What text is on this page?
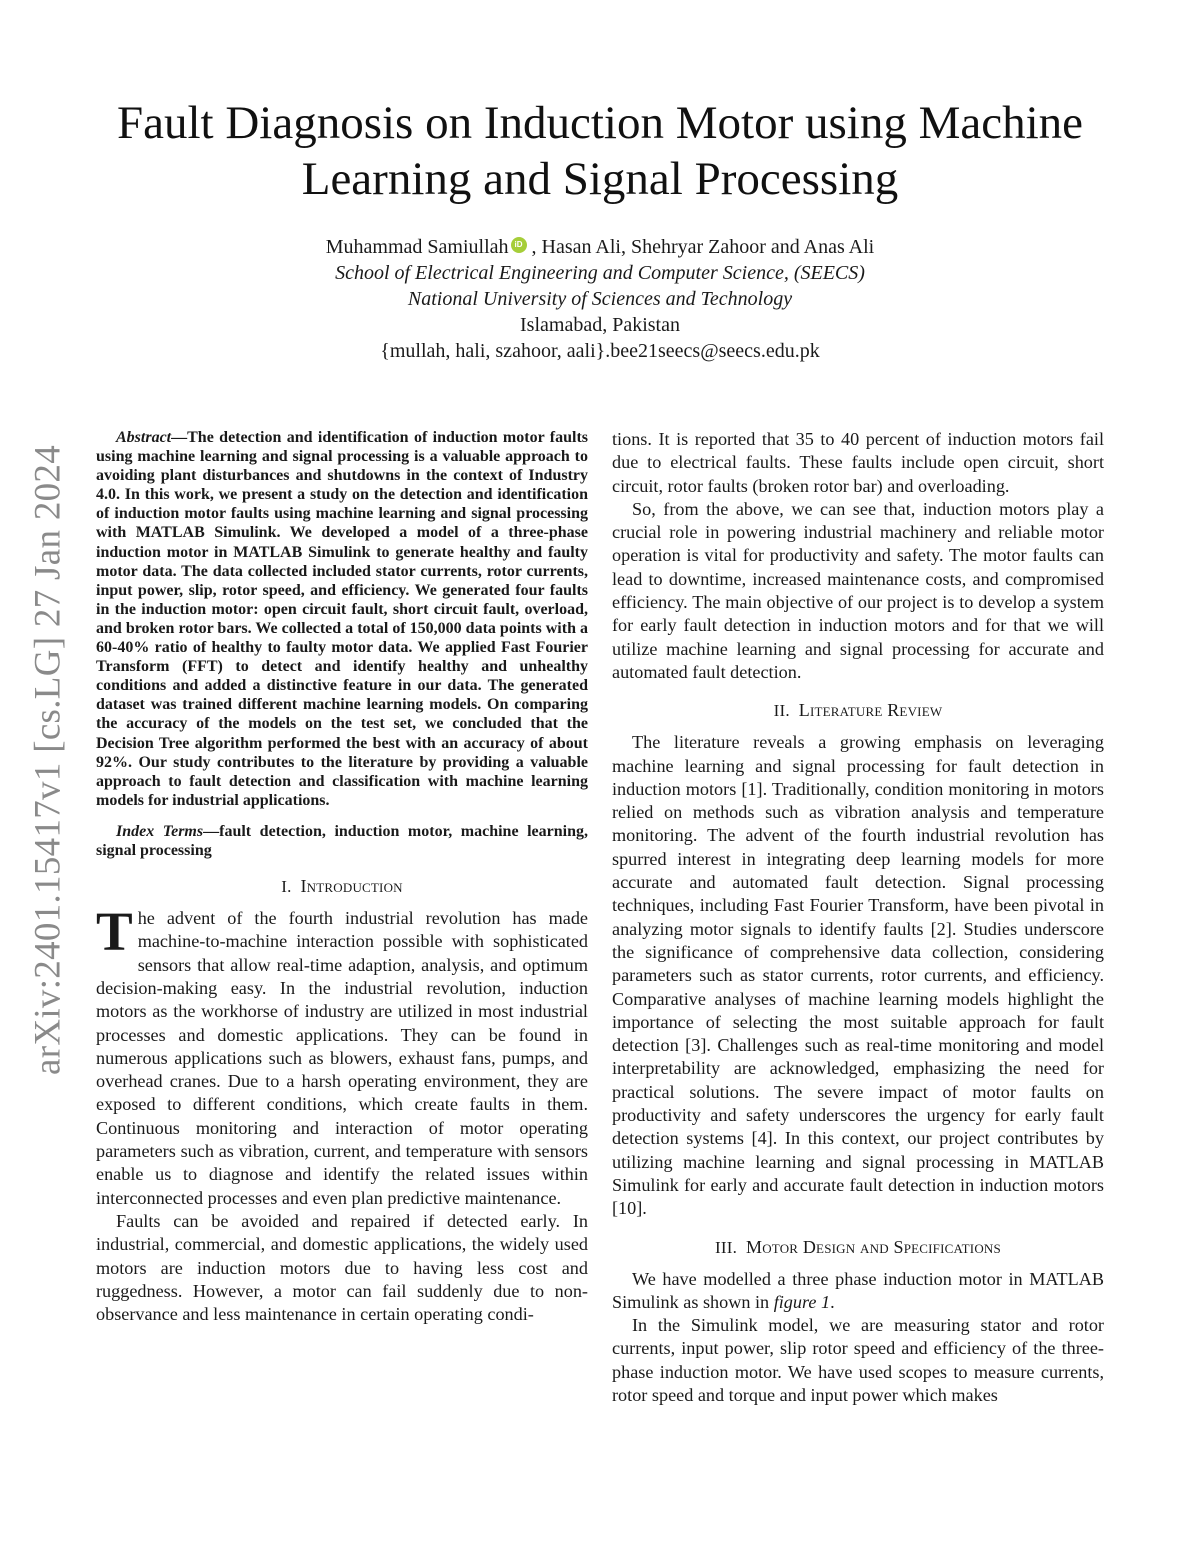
arXiv:2401.15417v1 [cs.LG] 27 Jan 2024
Fault Diagnosis on Induction Motor using Machine Learning and Signal Processing
Muhammad Samiullah iD , Hasan Ali, Shehryar Zahoor and Anas Ali
School of Electrical Engineering and Computer Science, (SEECS)
National University of Sciences and Technology
Islamabad, Pakistan
{mullah, hali, szahoor, aali}.bee21seecs@seecs.edu.pk

Abstract—The detection and identification of induction motor faults using machine learning and signal processing is a valuable approach to avoiding plant disturbances and shutdowns in the context of Industry 4.0. In this work, we present a study on the detection and identification of induction motor faults using machine learning and signal processing with MATLAB Simulink. We developed a model of a three-phase induction motor in MATLAB Simulink to generate healthy and faulty motor data. The data collected included stator currents, rotor currents, input power, slip, rotor speed, and efficiency. We generated four faults in the induction motor: open circuit fault, short circuit fault, overload, and broken rotor bars. We collected a total of 150,000 data points with a 60-40% ratio of healthy to faulty motor data. We applied Fast Fourier Transform (FFT) to detect and identify healthy and unhealthy conditions and added a distinctive feature in our data. The generated dataset was trained different machine learning models. On comparing the accuracy of the models on the test set, we concluded that the Decision Tree algorithm performed the best with an accuracy of about 92%. Our study contributes to the literature by providing a valuable approach to fault detection and classification with machine learning models for industrial applications.

Index Terms—fault detection, induction motor, machine learning, signal processing

I. Introduction

The advent of the fourth industrial revolution has made machine-to-machine interaction possible with sophisticated sensors that allow real-time adaption, analysis, and optimum decision-making easy. In the industrial revolution, induction motors as the workhorse of industry are utilized in most industrial processes and domestic applications. They can be found in numerous applications such as blowers, exhaust fans, pumps, and overhead cranes. Due to a harsh operating environment, they are exposed to different conditions, which create faults in them. Continuous monitoring and interaction of motor operating parameters such as vibration, current, and temperature with sensors enable us to diagnose and identify the related issues within interconnected processes and even plan predictive maintenance.

Faults can be avoided and repaired if detected early. In industrial, commercial, and domestic applications, the widely used motors are induction motors due to having less cost and ruggedness. However, a motor can fail suddenly due to non-observance and less maintenance in certain operating condi-

tions. It is reported that 35 to 40 percent of induction motors fail due to electrical faults. These faults include open circuit, short circuit, rotor faults (broken rotor bar) and overloading.

So, from the above, we can see that, induction motors play a crucial role in powering industrial machinery and reliable motor operation is vital for productivity and safety. The motor faults can lead to downtime, increased maintenance costs, and compromised efficiency. The main objective of our project is to develop a system for early fault detection in induction motors and for that we will utilize machine learning and signal processing for accurate and automated fault detection.

II. Literature Review

The literature reveals a growing emphasis on leveraging machine learning and signal processing for fault detection in induction motors [1]. Traditionally, condition monitoring in motors relied on methods such as vibration analysis and temperature monitoring. The advent of the fourth industrial revolution has spurred interest in integrating deep learning models for more accurate and automated fault detection. Signal processing techniques, including Fast Fourier Transform, have been pivotal in analyzing motor signals to identify faults [2]. Studies underscore the significance of comprehensive data collection, considering parameters such as stator currents, rotor currents, and efficiency. Comparative analyses of machine learning models highlight the importance of selecting the most suitable approach for fault detection [3]. Challenges such as real-time monitoring and model interpretability are acknowledged, emphasizing the need for practical solutions. The severe impact of motor faults on productivity and safety underscores the urgency for early fault detection systems [4]. In this context, our project contributes by utilizing machine learning and signal processing in MATLAB Simulink for early and accurate fault detection in induction motors [10].

III. Motor Design and Specifications

We have modelled a three phase induction motor in MATLAB Simulink as shown in figure 1.

In the Simulink model, we are measuring stator and rotor currents, input power, slip rotor speed and efficiency of the three-phase induction motor. We have used scopes to measure currents, rotor speed and torque and input power which makes
